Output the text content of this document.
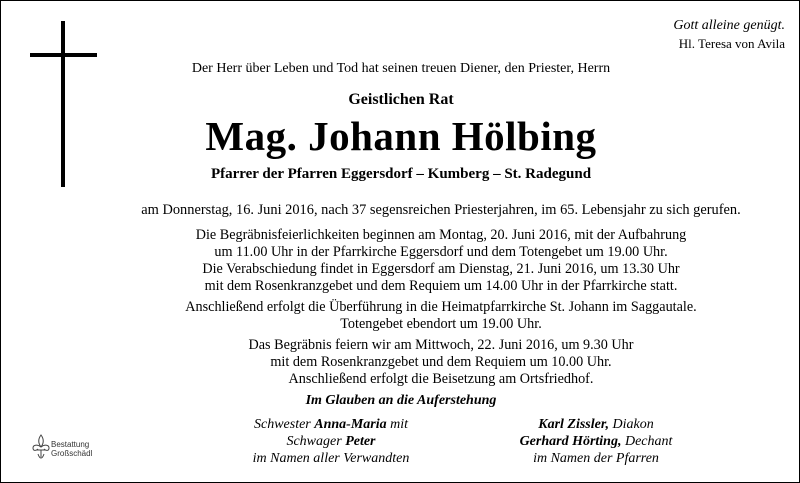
Gott alleine genügt.
Hl. Teresa von Avila
Der Herr über Leben und Tod hat seinen treuen Diener, den Priester, Herrn
Geistlichen Rat
Mag. Johann Hölbing
Pfarrer der Pfarren Eggersdorf – Kumberg – St. Radegund
am Donnerstag, 16. Juni 2016, nach 37 segensreichen Priesterjahren, im 65. Lebensjahr zu sich gerufen.
Die Begräbnisfeierlichkeiten beginnen am Montag, 20. Juni 2016, mit der Aufbahrung
um 11.00 Uhr in der Pfarrkirche Eggersdorf und dem Totengebet um 19.00 Uhr.
Die Verabschiedung findet in Eggersdorf am Dienstag, 21. Juni 2016, um 13.30 Uhr
mit dem Rosenkranzgebet und dem Requiem um 14.00 Uhr in der Pfarrkirche statt.
Anschließend erfolgt die Überführung in die Heimatpfarrkirche St. Johann im Saggautale.
Totengebet ebendort um 19.00 Uhr.
Das Begräbnis feiern wir am Mittwoch, 22. Juni 2016, um 9.30 Uhr
mit dem Rosenkranzgebet und dem Requiem um 10.00 Uhr.
Anschließend erfolgt die Beisetzung am Ortsfriedhof.
Im Glauben an die Auferstehung
Schwester Anna-Maria mit
Schwager Peter
im Namen aller Verwandten
Karl Zissler, Diakon
Gerhard Hörting, Dechant
im Namen der Pfarren
Bestattung
Großschädl
